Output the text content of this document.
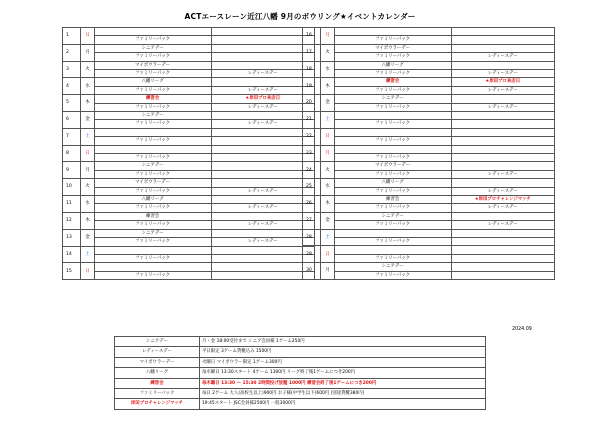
ACTエースレーン近江八幡 9月のボウリング★イベントカレンダー
1	日		
		ファミリーパック	
2	月	シニアデー	
		ファミリーパック	
3	火	マイボウラーデー	
		ファミリーパック	レディースデー
4	水	八幡リーグ	
		ファミリーパック	レディースデー
5	木	練習会	★岸田プロ来店日
		ファミリーパック	レディースデー
6	金	シニアデー	
		ファミリーパック	レディースデー
7	土		
		ファミリーパック	
8	日		
		ファミリーパック	
9	月	シニアデー	
		ファミリーパック	
10	火	マイボウラーデー	
		ファミリーパック	レディースデー
11	水	八幡リーグ	
		ファミリーパック	レディースデー
12	木	練習会	
		ファミリーパック	レディースデー
13	金	シニアデー	
		ファミリーパック	レディースデー
14	土		
		ファミリーパック	
15	日		
		ファミリーパック	
16	月		
		ファミリーパック	
17	火	マイボウラーデー	
		ファミリーパック	レディースデー
18	水	八幡リーグ	
		ファミリーパック	レディースデー
19	木	練習会	★岸田プロ来店日
		ファミリーパック	レディースデー
20	金	シニアデー	
		ファミリーパック	レディースデー
21	土		
		ファミリーパック	
22	日		
		ファミリーパック	
23	月		
		ファミリーパック	
24	火	マイボウラーデー	
		ファミリーパック	レディースデー
25	水	八幡リーグ	
		ファミリーパック	レディースデー
26	木	練習会	★岸田プロチャレンジマッチ
		ファミリーパック	レディースデー
27	金	シニアデー	
		ファミリーパック	レディースデー
28	土		
		ファミリーパック	
29	日		
		ファミリーパック	
30	月	シニアデー	
		ファミリーパック	
2024.09
シニアデー	月・金 18:00受付まで シニア会員様 1ゲーム250円
レディースデー	平日限定 3ゲーム貸靴込み 1500円
マイボウラーデー	火曜日 マイボウラー限定 1ゲーム300円
八幡リーグ	毎水曜日 13:30スタート 4ゲーム 1300円 リーグ終了後1ゲームにつき200円
練習会	毎木曜日 13:30 ～ 15:30 2時間投げ放題 1000円 練習会終了後1ゲームにつき200円
ファミリーパック	毎日 2ゲーム 大人(高校生以上)900円 お子様(中学生以下)600円 (別途貸靴380円)
岸田プロチャレンジマッチ	19:45スタート JSC会員様2500円 一般3000円
